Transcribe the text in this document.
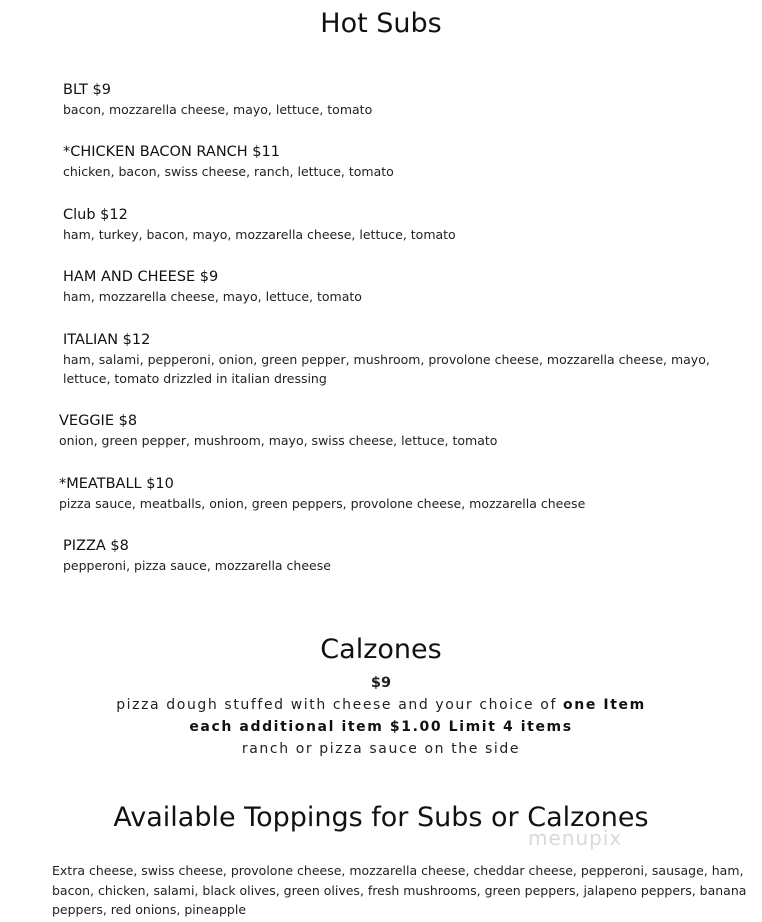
Hot Subs
BLT $9
bacon, mozzarella cheese, mayo, lettuce, tomato
*CHICKEN BACON RANCH $11
chicken, bacon, swiss cheese, ranch, lettuce, tomato
Club $12
ham, turkey, bacon, mayo, mozzarella cheese, lettuce, tomato
HAM AND CHEESE $9
ham, mozzarella cheese, mayo, lettuce, tomato
ITALIAN $12
ham, salami, pepperoni, onion, green pepper, mushroom, provolone cheese, mozzarella cheese, mayo,
lettuce, tomato drizzled in italian dressing
VEGGIE $8
onion, green pepper, mushroom, mayo, swiss cheese, lettuce, tomato
*MEATBALL $10
pizza sauce, meatballs, onion, green peppers, provolone cheese, mozzarella cheese
PIZZA $8
pepperoni, pizza sauce, mozzarella cheese
Calzones
$9
pizza dough stuffed with cheese and your choice of one Item
each additional item $1.00 Limit 4 items
ranch or pizza sauce on the side
Available Toppings for Subs or Calzones
menupix
Extra cheese, swiss cheese, provolone cheese, mozzarella cheese, cheddar cheese, pepperoni, sausage, ham, bacon, chicken, salami, black olives, green olives, fresh mushrooms, green peppers, jalapeno peppers, banana peppers, red onions, pineapple
